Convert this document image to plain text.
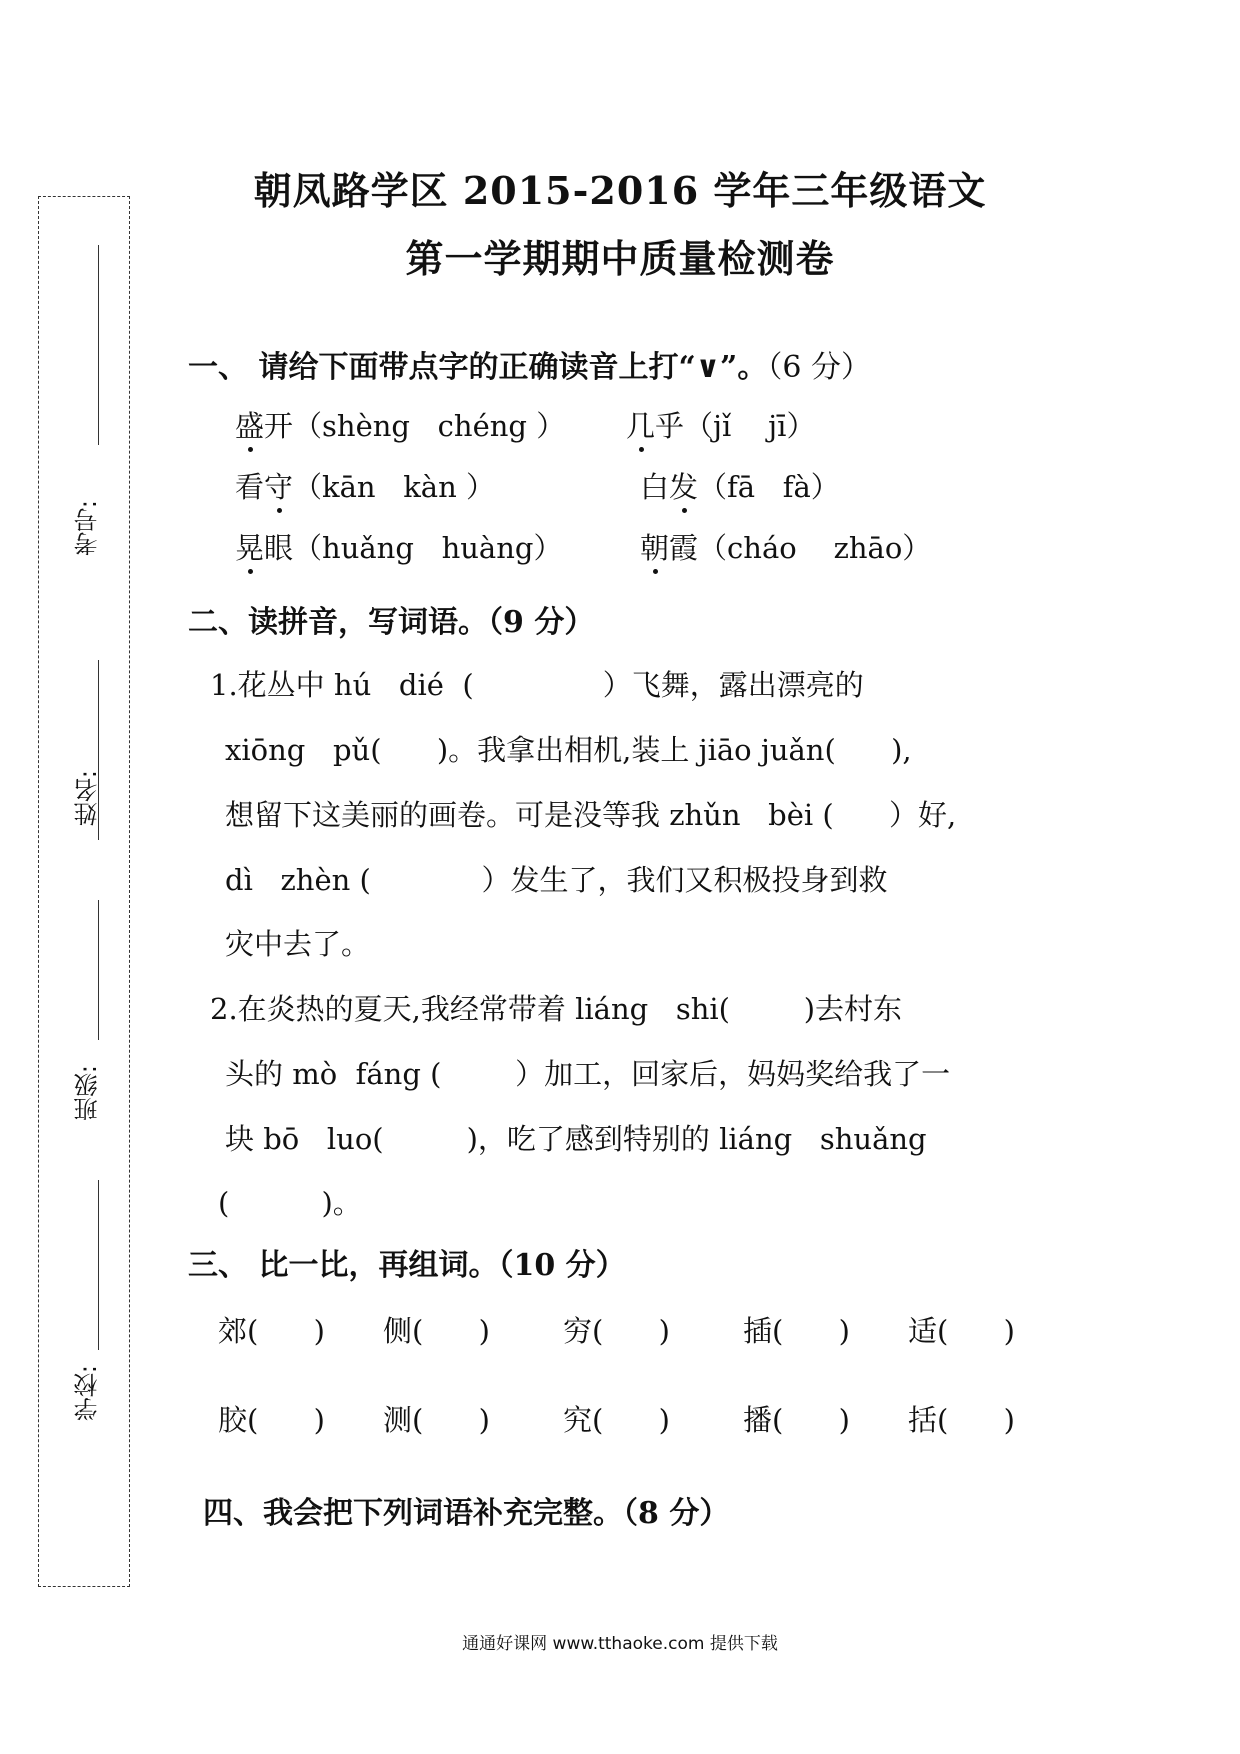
考号:
姓名:
班级:
学校:
朝凤路学区 2015-2016 学年三年级语文
第一学期期中质量检测卷
一、 请给下面带点字的正确读音上打“∨”。（6 分）
盛开（shèng   chéng ） 几乎（jǐ    jī）
看守（kān   kàn ）	白发（fā   fà）
晃眼（huǎng   huàng）	朝霞（cháo    zhāo）
二、读拼音，写词语。（9 分）
1.花丛中 hú   dié  (              ）飞舞，露出漂亮的
xiōng   pǔ(      )。我拿出相机,装上 jiāo juǎn(      ),
想留下这美丽的画卷。可是没等我 zhǔn   bèi (      ）好,
dì   zhèn (            ）发生了，我们又积极投身到救
灾中去了。
2.在炎热的夏天,我经常带着 liáng   shi(        )去村东
头的 mò  fáng (        ）加工，回家后，妈妈奖给我了一
块 bō   luo(         )，吃了感到特别的 liáng   shuǎng
(          )。
三、 比一比，再组词。（10 分）
郊(      ) 侧(      )	穷(      )	插(      ) 适(      )
胶(      ) 测(      )	究(      )	播(      ) 括(      )
四、我会把下列词语补充完整。（8 分）
通通好课网 www.tthaoke.com 提供下载
